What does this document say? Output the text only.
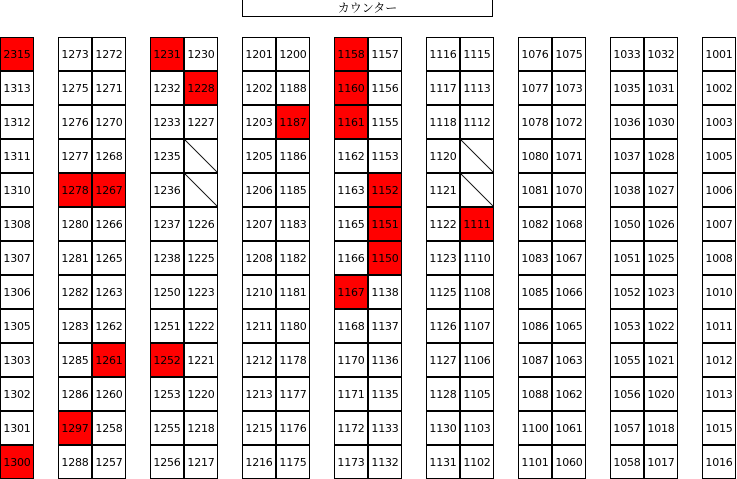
カウンター
2315
1313
1312
1311
1310
1308
1307
1306
1305
1303
1302
1301
1300
1273
1275
1276
1277
1278
1280
1281
1282
1283
1285
1286
1297
1288
1272
1271
1270
1268
1267
1266
1265
1263
1262
1261
1260
1258
1257
1231
1232
1233
1235
1236
1237
1238
1250
1251
1252
1253
1255
1256
1230
1228
1227
1226
1225
1223
1222
1221
1220
1218
1217
1201
1202
1203
1205
1206
1207
1208
1210
1211
1212
1213
1215
1216
1200
1188
1187
1186
1185
1183
1182
1181
1180
1178
1177
1176
1175
1158
1160
1161
1162
1163
1165
1166
1167
1168
1170
1171
1172
1173
1157
1156
1155
1153
1152
1151
1150
1138
1137
1136
1135
1133
1132
1116
1117
1118
1120
1121
1122
1123
1125
1126
1127
1128
1130
1131
1115
1113
1112
1111
1110
1108
1107
1106
1105
1103
1102
1076
1077
1078
1080
1081
1082
1083
1085
1086
1087
1088
1100
1101
1075
1073
1072
1071
1070
1068
1067
1066
1065
1063
1062
1061
1060
1033
1035
1036
1037
1038
1050
1051
1052
1053
1055
1056
1057
1058
1032
1031
1030
1028
1027
1026
1025
1023
1022
1021
1020
1018
1017
1001
1002
1003
1005
1006
1007
1008
1010
1011
1012
1013
1015
1016
